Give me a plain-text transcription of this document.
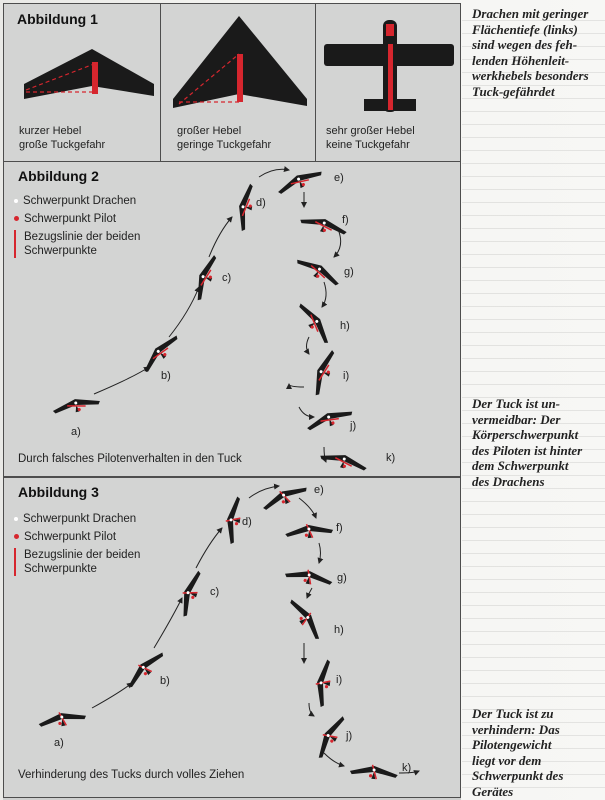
Abbildung 1
kurzer Hebel
große Tuckgefahr
großer Hebel
geringe Tuckgefahr
sehr großer Hebel
keine Tuckgefahr
Abbildung 2
Schwerpunkt Drachen
Schwerpunkt Pilot
Bezugslinie der beiden
Schwerpunkte
a)
b)
c)
d)
e)
f)
g)
h)
i)
j)
k)
Durch falsches Pilotenverhalten in den Tuck
Abbildung 3
Schwerpunkt Drachen
Schwerpunkt Pilot
Bezugslinie der beiden
Schwerpunkte
a)
b)
c)
d)
e)
f)
g)
h)
i)
j)
k)
Verhinderung des Tucks durch volles Ziehen
Drachen mit geringer
Flächentiefe (links)
sind wegen des feh-
lenden Höhenleit-
werkhebels besonders
Tuck-gefährdet
Der Tuck ist un-
vermeidbar: Der
Körperschwerpunkt
des Piloten ist hinter
dem Schwerpunkt
des Drachens
Der Tuck ist zu
verhindern: Das
Pilotengewicht
liegt vor dem
Schwerpunkt des
Gerätes
